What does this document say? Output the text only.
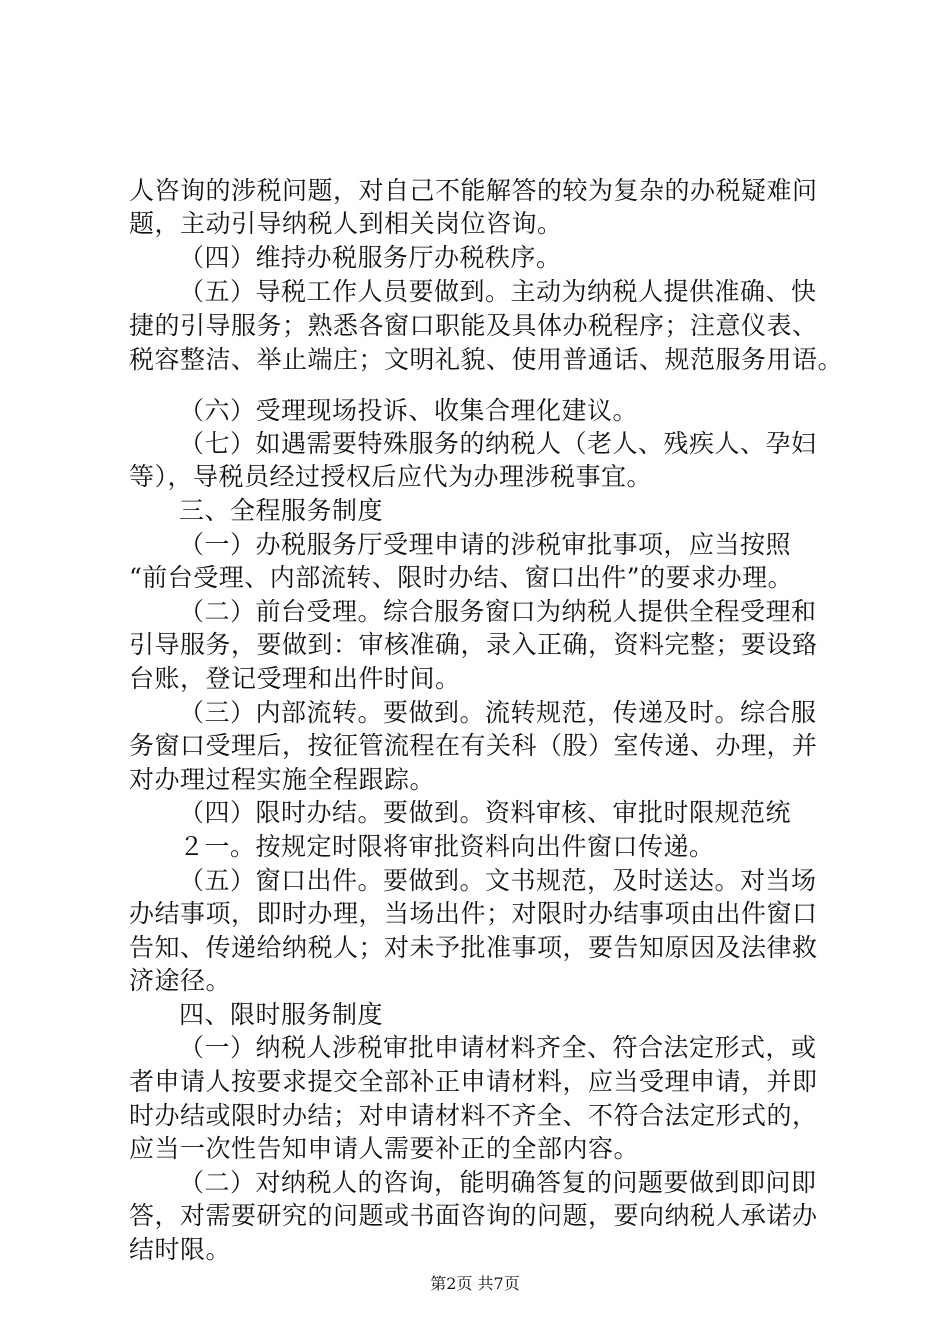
人咨询的涉税问题，对自己不能解答的较为复杂的办税疑难问
题，主动引导纳税人到相关岗位咨询。
（四）维持办税服务厅办税秩序。
（五）导税工作人员要做到。主动为纳税人提供准确、快
捷的引导服务；熟悉各窗口职能及具体办税程序；注意仪表、
税容整洁、举止端庄；文明礼貌、使用普通话、规范服务用语。
（六）受理现场投诉、收集合理化建议。
（七）如遇需要特殊服务的纳税人（老人、残疾人、孕妇
等），导税员经过授权后应代为办理涉税事宜。
三、全程服务制度
（一）办税服务厅受理申请的涉税审批事项，应当按照
“前台受理、内部流转、限时办结、窗口出件”的要求办理。
（二）前台受理。综合服务窗口为纳税人提供全程受理和
引导服务，要做到：审核准确，录入正确，资料完整；要设臵
台账，登记受理和出件时间。
（三）内部流转。要做到。流转规范，传递及时。综合服
务窗口受理后，按征管流程在有关科（股）室传递、办理，并
对办理过程实施全程跟踪。
（四）限时办结。要做到。资料审核、审批时限规范统
２一。按规定时限将审批资料向出件窗口传递。
（五）窗口出件。要做到。文书规范，及时送达。对当场
办结事项，即时办理，当场出件；对限时办结事项由出件窗口
告知、传递给纳税人；对未予批准事项，要告知原因及法律救
济途径。
四、限时服务制度
（一）纳税人涉税审批申请材料齐全、符合法定形式，或
者申请人按要求提交全部补正申请材料，应当受理申请，并即
时办结或限时办结；对申请材料不齐全、不符合法定形式的，
应当一次性告知申请人需要补正的全部内容。
（二）对纳税人的咨询，能明确答复的问题要做到即问即
答，对需要研究的问题或书面咨询的问题，要向纳税人承诺办
结时限。
第2页 共7页
